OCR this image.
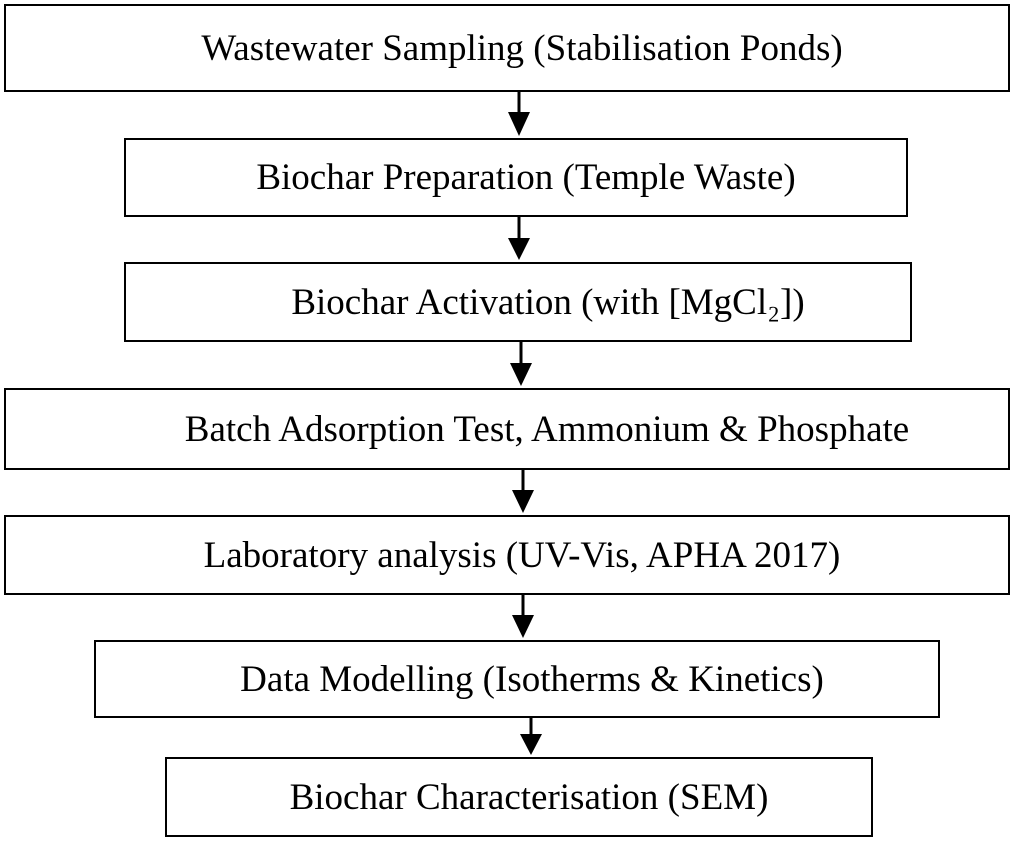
Wastewater Sampling (Stabilisation Ponds)
Biochar Preparation (Temple Waste)
Biochar Activation (with [MgCl₂])
Batch Adsorption Test, Ammonium & Phosphate
Laboratory analysis (UV-Vis, APHA 2017)
Data Modelling (Isotherms & Kinetics)
Biochar Characterisation (SEM)
